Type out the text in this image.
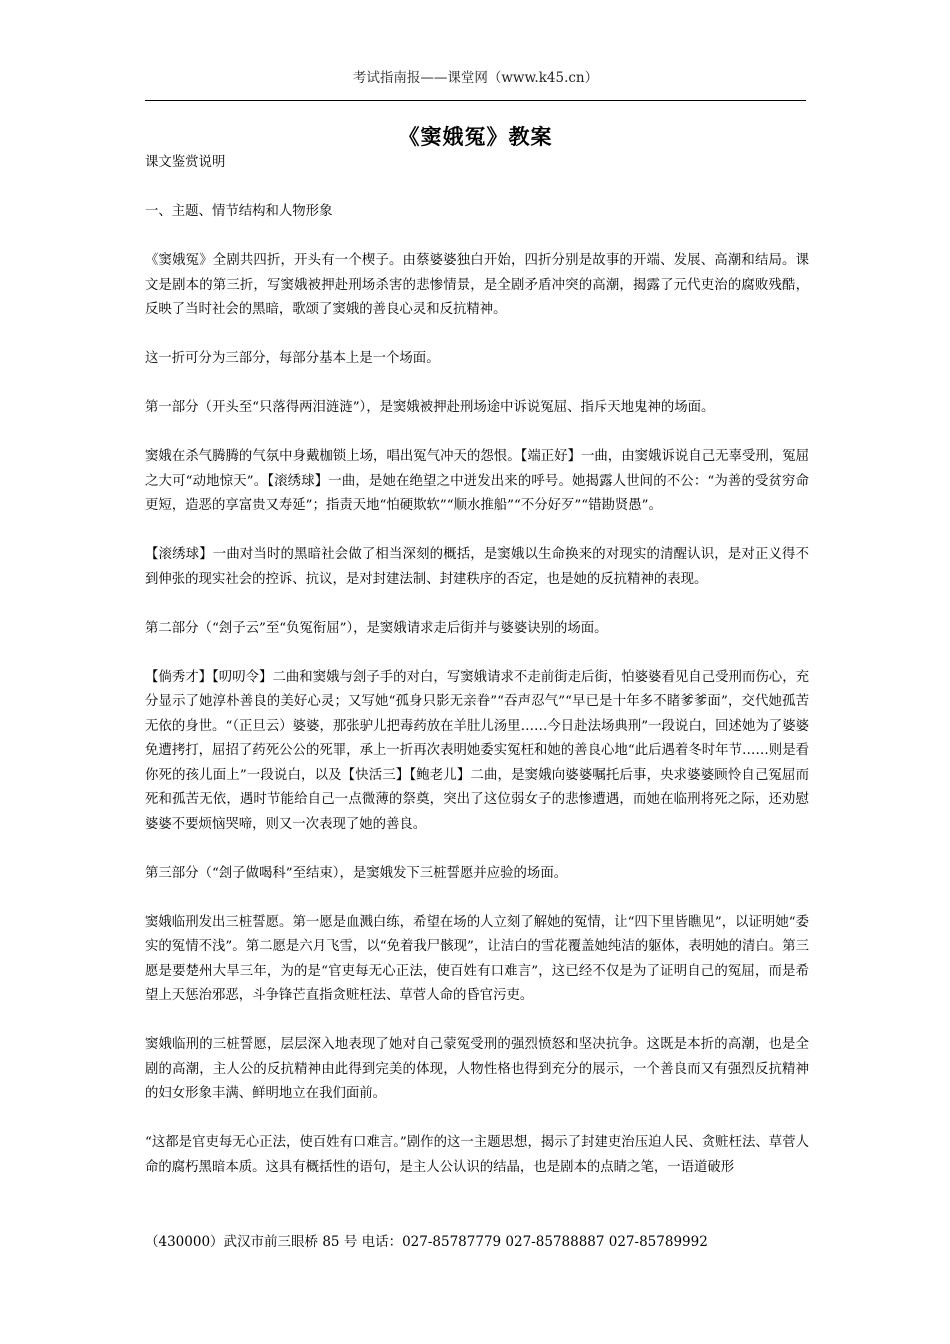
考试指南报——课堂网（www.k45.cn）
《窦娥冤》教案

课文鉴赏说明

一、主题、情节结构和人物形象

《窦娥冤》全剧共四折，开头有一个楔子。由蔡婆婆独白开始，四折分别是故事的开端、发展、高潮和结局。课文是剧本的第三折，写窦娥被押赴刑场杀害的悲惨情景，是全剧矛盾冲突的高潮，揭露了元代吏治的腐败残酷，反映了当时社会的黑暗，歌颂了窦娥的善良心灵和反抗精神。

这一折可分为三部分，每部分基本上是一个场面。

第一部分（开头至“只落得两泪涟涟”），是窦娥被押赴刑场途中诉说冤屈、指斥天地鬼神的场面。

窦娥在杀气腾腾的气氛中身戴枷锁上场，唱出冤气冲天的怨恨。【端正好】一曲，由窦娥诉说自己无辜受刑，冤屈之大可“动地惊天”。【滚绣球】一曲，是她在绝望之中迸发出来的呼号。她揭露人世间的不公：“为善的受贫穷命更短，造恶的享富贵又寿延”；指责天地“怕硬欺软”“顺水推船”“不分好歹”“错勘贤愚”。

【滚绣球】一曲对当时的黑暗社会做了相当深刻的概括，是窦娥以生命换来的对现实的清醒认识，是对正义得不到伸张的现实社会的控诉、抗议，是对封建法制、封建秩序的否定，也是她的反抗精神的表现。

第二部分（“刽子云”至“负冤衔屈”），是窦娥请求走后街并与婆婆诀别的场面。

【倘秀才】【叨叨令】二曲和窦娥与刽子手的对白，写窦娥请求不走前街走后街，怕婆婆看见自己受刑而伤心，充分显示了她淳朴善良的美好心灵；又写她“孤身只影无亲眷”“吞声忍气”“早已是十年多不睹爹爹面”，交代她孤苦无依的身世。“（正旦云）婆婆，那张驴儿把毒药放在羊肚儿汤里……今日赴法场典刑”一段说白，回述她为了婆婆免遭拷打，屈招了药死公公的死罪，承上一折再次表明她委实冤枉和她的善良心地“此后遇着冬时年节……则是看你死的孩儿面上”一段说白，以及【快活三】【鲍老儿】二曲，是窦娥向婆婆嘱托后事，央求婆婆顾怜自己冤屈而死和孤苦无依，遇时节能给自己一点微薄的祭奠，突出了这位弱女子的悲惨遭遇，而她在临刑将死之际，还劝慰婆婆不要烦恼哭啼，则又一次表现了她的善良。

第三部分（“刽子做喝科”至结束），是窦娥发下三桩誓愿并应验的场面。

窦娥临刑发出三桩誓愿。第一愿是血溅白练，希望在场的人立刻了解她的冤情，让“四下里皆瞧见”，以证明她“委实的冤情不浅”。第二愿是六月飞雪，以“免着我尸骸现”，让洁白的雪花覆盖她纯洁的躯体，表明她的清白。第三愿是要楚州大旱三年，为的是“官吏每无心正法，使百姓有口难言”，这已经不仅是为了证明自己的冤屈，而是希望上天惩治邪恶，斗争锋芒直指贪赃枉法、草菅人命的昏官污吏。

窦娥临刑的三桩誓愿，层层深入地表现了她对自己蒙冤受刑的强烈愤怒和坚决抗争。这既是本折的高潮，也是全剧的高潮，主人公的反抗精神由此得到完美的体现，人物性格也得到充分的展示，一个善良而又有强烈反抗精神的妇女形象丰满、鲜明地立在我们面前。

“这都是官吏每无心正法，使百姓有口难言。”剧作的这一主题思想，揭示了封建吏治压迫人民、贪赃枉法、草菅人命的腐朽黑暗本质。这具有概括性的语句，是主人公认识的结晶，也是剧本的点睛之笔，一语道破形

（430000）武汉市前三眼桥 85 号 电话：027-85787779 027-85788887 027-85789992
